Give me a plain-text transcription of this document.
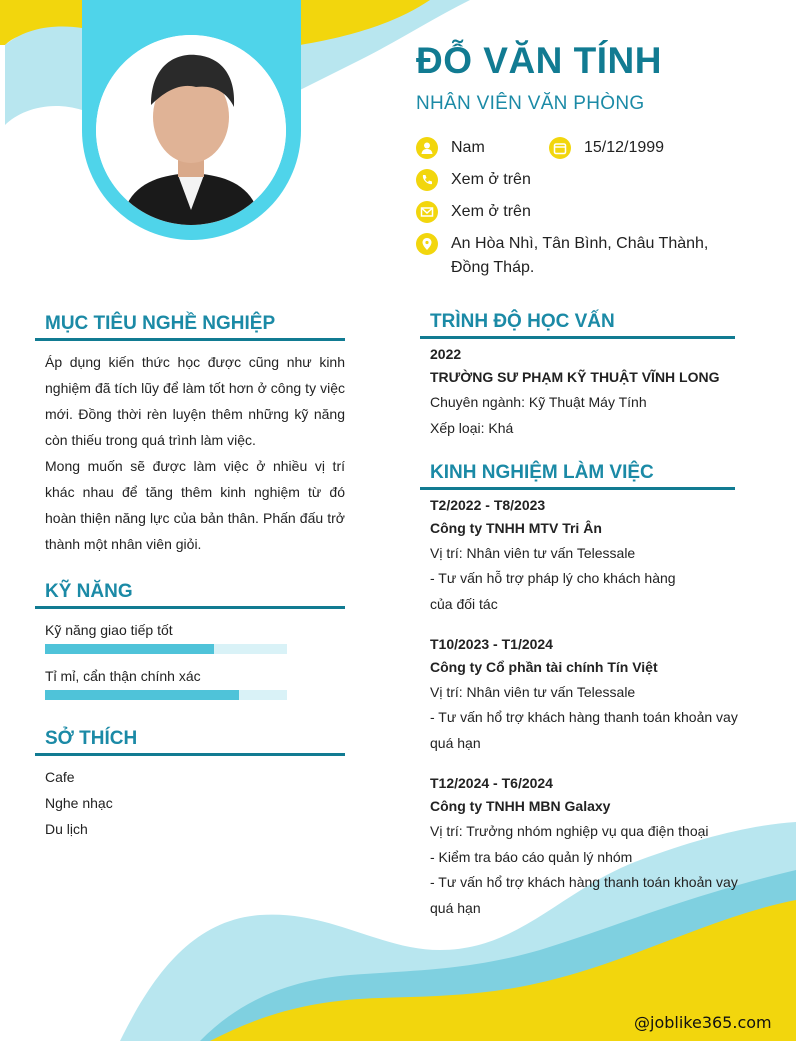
ĐỖ VĂN TÍNH
NHÂN VIÊN VĂN PHÒNG
Nam	15/12/1999
Xem ở trên
Xem ở trên
An Hòa Nhì, Tân Bình, Châu Thành, Đồng Tháp.
MỤC TIÊU NGHỀ NGHIỆP
Áp dụng kiến thức học được cũng như kinh nghiệm đã tích lũy để làm tốt hơn ở công ty việc mới. Đồng thời rèn luyện thêm những kỹ năng còn thiếu trong quá trình làm việc.
Mong muốn sẽ được làm việc ở nhiều vị trí khác nhau để tăng thêm kinh nghiệm từ đó hoàn thiện năng lực của bản thân. Phấn đấu trở thành một nhân viên giỏi.
KỸ NĂNG
Kỹ năng giao tiếp tốt
Tỉ mỉ, cẩn thận chính xác
SỞ THÍCH
Cafe
Nghe nhạc
Du lịch
TRÌNH ĐỘ HỌC VẤN
2022
TRƯỜNG SƯ PHẠM KỸ THUẬT VĨNH LONG
Chuyên ngành: Kỹ Thuật Máy Tính
Xếp loại: Khá
KINH NGHIỆM LÀM VIỆC
T2/2022 - T8/2023
Công ty TNHH MTV Tri Ân
Vị trí: Nhân viên tư vấn Telessale
- Tư vấn hỗ trợ pháp lý cho khách hàng của đối tác
T10/2023 - T1/2024
Công ty Cổ phần tài chính Tín Việt
Vị trí: Nhân viên tư vấn Telessale
- Tư vấn hổ trợ khách hàng thanh toán khoản vay quá hạn
T12/2024 - T6/2024
Công ty TNHH MBN Galaxy
Vị trí: Trưởng nhóm nghiệp vụ qua điện thoại
- Kiểm tra báo cáo quản lý nhóm
- Tư vấn hổ trợ khách hàng thanh toán khoản vay quá hạn
@joblike365.com
